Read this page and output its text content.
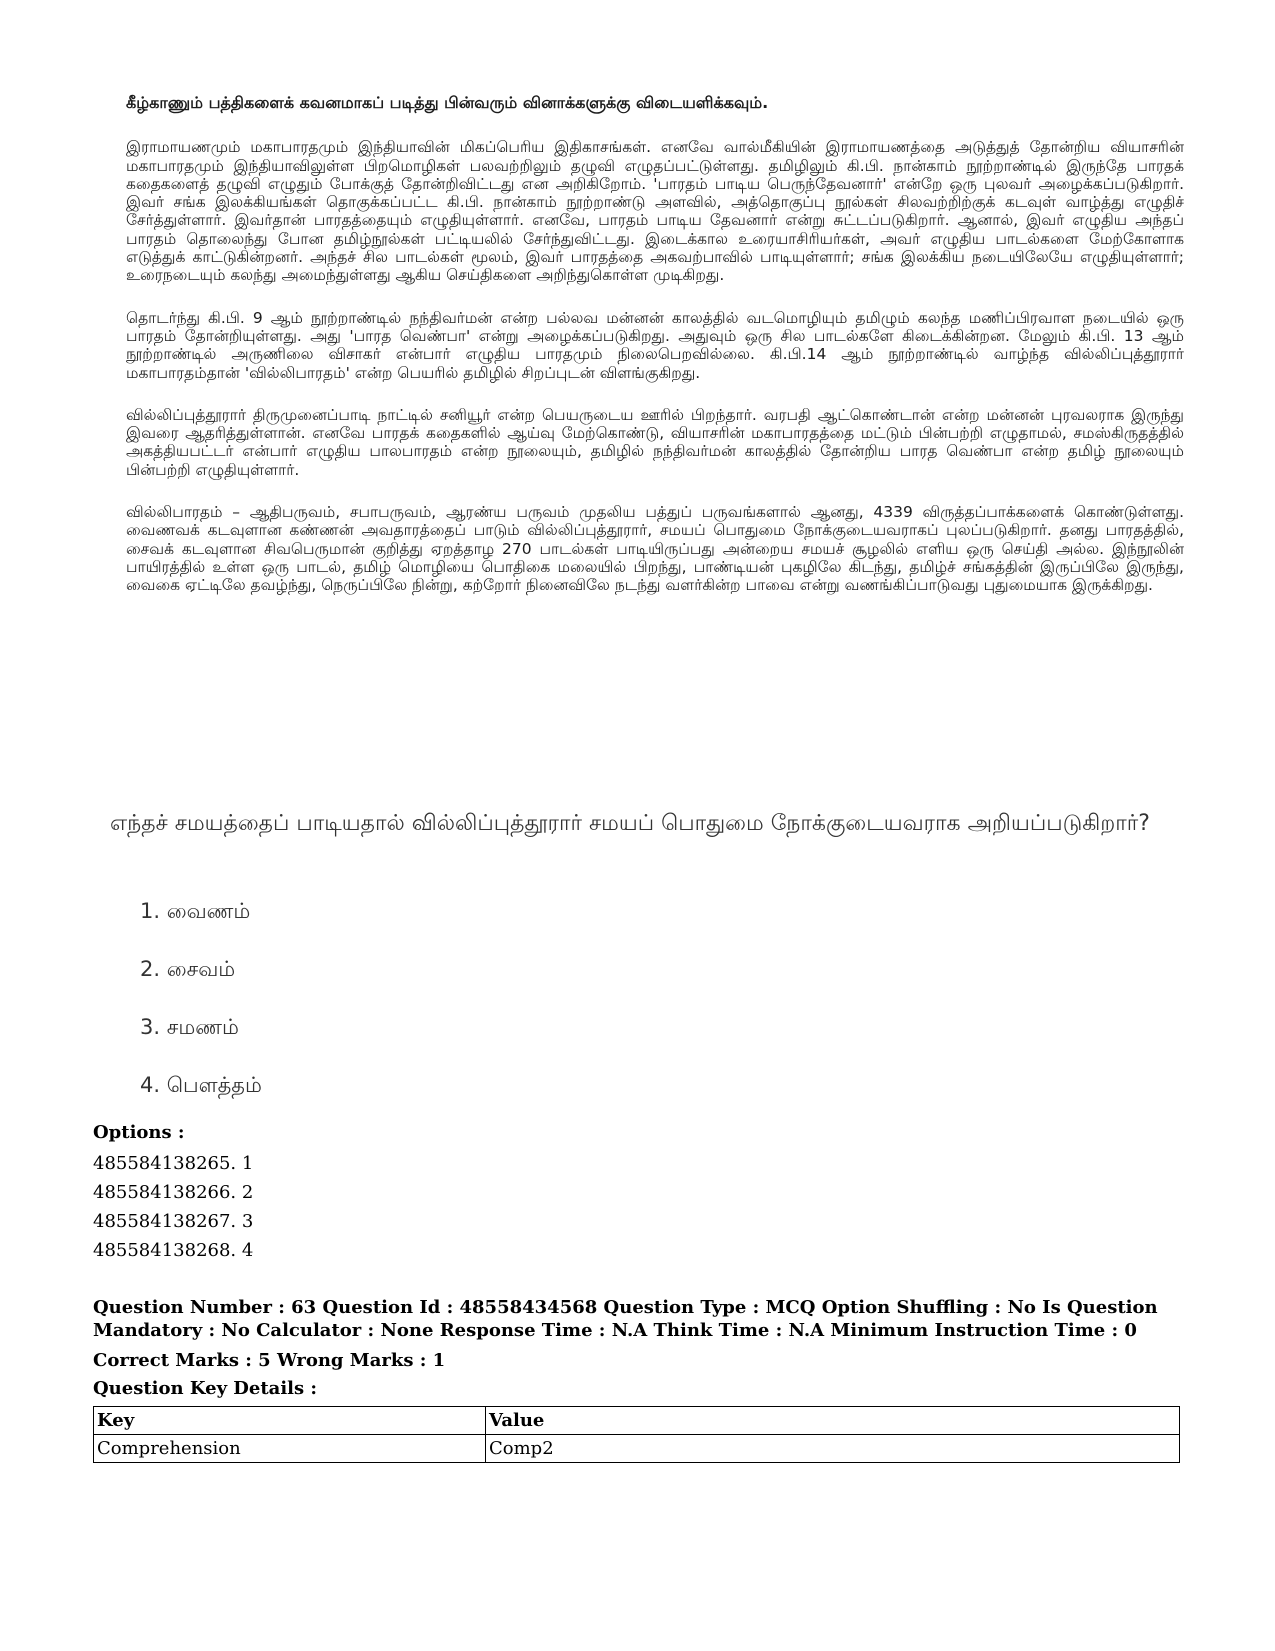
கீழ்காணும் பத்திகளைக் கவனமாகப் படித்து பின்வரும் வினாக்களுக்கு விடையளிக்கவும்.

இராமாயணமும் மகாபாரதமும் இந்தியாவின் மிகப்பெரிய இதிகாசங்கள். எனவே வால்மீகியின் இராமாயணத்தை அடுத்துத் தோன்றிய வியாசரின் மகாபாரதமும் இந்தியாவிலுள்ள பிறமொழிகள் பலவற்றிலும் தழுவி எழுதப்பட்டுள்ளது. தமிழிலும் கி.பி. நான்காம் நூற்றாண்டில் இருந்தே பாரதக் கதைகளைத் தழுவி எழுதும் போக்குத் தோன்றிவிட்டது என அறிகிறோம். 'பாரதம் பாடிய பெருந்தேவனார்' என்றே ஒரு புலவர் அழைக்கப்படுகிறார். இவர் சங்க இலக்கியங்கள் தொகுக்கப்பட்ட கி.பி. நான்காம் நூற்றாண்டு அளவில், அத்தொகுப்பு நூல்கள் சிலவற்றிற்குக் கடவுள் வாழ்த்து எழுதிச் சேர்த்துள்ளார். இவர்தான் பாரதத்தையும் எழுதியுள்ளார். எனவே, பாரதம் பாடிய தேவனார் என்று சுட்டப்படுகிறார். ஆனால், இவர் எழுதிய அந்தப் பாரதம் தொலைந்து போன தமிழ்நூல்கள் பட்டியலில் சேர்ந்துவிட்டது. இடைக்கால உரையாசிரியர்கள், அவர் எழுதிய பாடல்களை மேற்கோளாக எடுத்துக் காட்டுகின்றனர். அந்தச் சில பாடல்கள் மூலம், இவர் பாரதத்தை அகவற்பாவில் பாடியுள்ளார்; சங்க இலக்கிய நடையிலேயே எழுதியுள்ளார்; உரைநடையும் கலந்து அமைந்துள்ளது ஆகிய செய்திகளை அறிந்துகொள்ள முடிகிறது.

தொடர்ந்து கி.பி. 9 ஆம் நூற்றாண்டில் நந்திவர்மன் என்ற பல்லவ மன்னன் காலத்தில் வடமொழியும் தமிழும் கலந்த மணிப்பிரவாள நடையில் ஒரு பாரதம் தோன்றியுள்ளது. அது 'பாரத வெண்பா' என்று அழைக்கப்படுகிறது. அதுவும் ஒரு சில பாடல்களே கிடைக்கின்றன. மேலும் கி.பி. 13 ஆம் நூற்றாண்டில் அருணிலை விசாகர் என்பார் எழுதிய பாரதமும் நிலைபெறவில்லை. கி.பி.14 ஆம் நூற்றாண்டில் வாழ்ந்த வில்லிப்புத்தூரார் மகாபாரதம்தான் 'வில்லிபாரதம்' என்ற பெயரில் தமிழில் சிறப்புடன் விளங்குகிறது.

வில்லிப்புத்தூரார் திருமுனைப்பாடி நாட்டில் சனியூர் என்ற பெயருடைய ஊரில் பிறந்தார். வரபதி ஆட்கொண்டான் என்ற மன்னன் புரவலராக இருந்து இவரை ஆதரித்துள்ளான். எனவே பாரதக் கதைகளில் ஆய்வு மேற்கொண்டு, வியாசரின் மகாபாரதத்தை மட்டும் பின்பற்றி எழுதாமல், சமஸ்கிருதத்தில் அகத்தியபட்டர் என்பார் எழுதிய பாலபாரதம் என்ற நூலையும், தமிழில் நந்திவர்மன் காலத்தில் தோன்றிய பாரத வெண்பா என்ற தமிழ் நூலையும் பின்பற்றி எழுதியுள்ளார்.

வில்லிபாரதம் – ஆதிபருவம், சபாபருவம், ஆரண்ய பருவம் முதலிய பத்துப் பருவங்களால் ஆனது, 4339 விருத்தப்பாக்களைக் கொண்டுள்ளது. வைணவக் கடவுளான கண்ணன் அவதாரத்தைப் பாடும் வில்லிப்புத்தூரார், சமயப் பொதுமை நோக்குடையவராகப் புலப்படுகிறார். தனது பாரதத்தில், சைவக் கடவுளான சிவபெருமான் குறித்து ஏறத்தாழ 270 பாடல்கள் பாடியிருப்பது அன்றைய சமயச் சூழலில் எளிய ஒரு செய்தி அல்ல. இந்நூலின் பாயிரத்தில் உள்ள ஒரு பாடல், தமிழ் மொழியை பொதிகை மலையில் பிறந்து, பாண்டியன் புகழிலே கிடந்து, தமிழ்ச் சங்கத்தின் இருப்பிலே இருந்து, வைகை ஏட்டிலே தவழ்ந்து, நெருப்பிலே நின்று, கற்றோர் நினைவிலே நடந்து வளர்கின்ற பாவை என்று வணங்கிப்பாடுவது புதுமையாக இருக்கிறது.

எந்தச் சமயத்தைப் பாடியதால் வில்லிப்புத்தூரார் சமயப் பொதுமை நோக்குடையவராக அறியப்படுகிறார்?

1. வைணம்
2. சைவம்
3. சமணம்
4. பௌத்தம்

Options :

485584138265. 1
485584138266. 2
485584138267. 3
485584138268. 4

Question Number : 63 Question Id : 48558434568 Question Type : MCQ Option Shuffling : No Is Question Mandatory : No Calculator : None Response Time : N.A Think Time : N.A Minimum Instruction Time : 0

Correct Marks : 5 Wrong Marks : 1

Question Key Details :

Key	Value
Comprehension	Comp2
